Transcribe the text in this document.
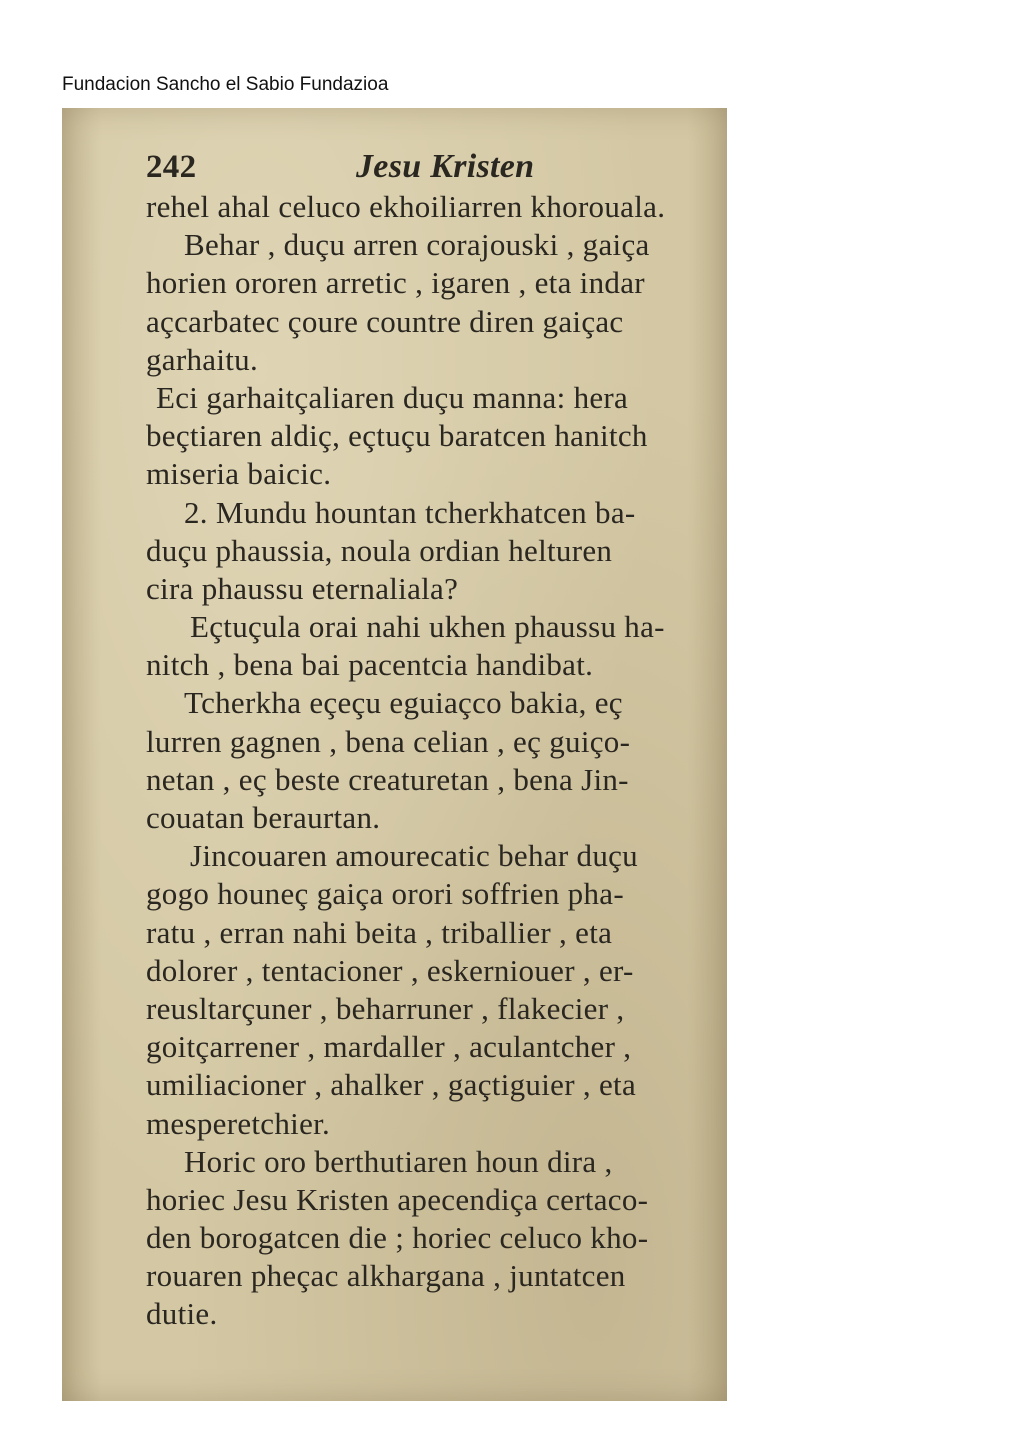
Fundacion Sancho el Sabio Fundazioa
242	Jesu Kristen
rehel ahal celuco ekhoiliarren khorouala.
Behar , duçu arren corajouski , gaiça
horien ororen arretic , igaren , eta indar
açcarbatec çoure countre diren gaiçac
garhaitu.
Eci garhaitçaliaren duçu manna: hera
beçtiaren aldiç, eçtuçu baratcen hanitch
miseria baicic.
2. Mundu hountan tcherkhatcen ba-
duçu phaussia, noula ordian helturen
cira phaussu eternaliala?
Eçtuçula orai nahi ukhen phaussu ha-
nitch , bena bai pacentcia handibat.
Tcherkha eçeçu eguiaçco bakia, eç
lurren gagnen , bena celian , eç guiço-
netan , eç beste creaturetan , bena Jin-
couatan beraurtan.
Jincouaren amourecatic behar duçu
gogo houneç gaiça orori soffrien pha-
ratu , erran nahi beita , triballier , eta
dolorer , tentacioner , eskerniouer , er-
reusltarçuner , beharruner , flakecier ,
goitçarrener , mardaller , aculantcher ,
umiliacioner , ahalker , gaçtiguier , eta
mesperetchier.
Horic oro berthutiaren houn dira ,
horiec Jesu Kristen apecendiça certaco-
den borogatcen die ; horiec celuco kho-
rouaren pheçac alkhargana , juntatcen
dutie.
